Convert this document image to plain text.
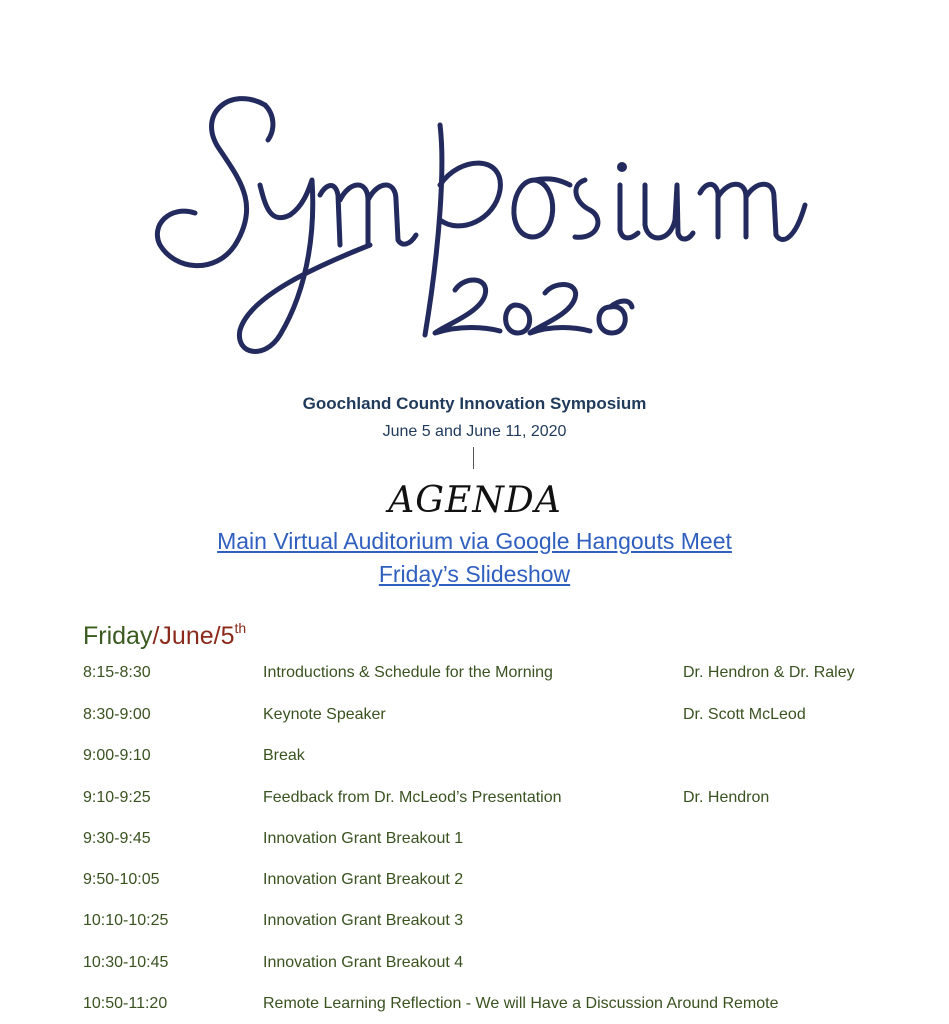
Goochland County Innovation Symposium
June 5 and June 11, 2020
AGENDA
Main Virtual Auditorium via Google Hangouts Meet
Friday’s Slideshow
Friday/June/5th
8:15-8:30	Introductions & Schedule for the Morning	Dr. Hendron & Dr. Raley
8:30-9:00	Keynote Speaker	Dr. Scott McLeod
9:00-9:10	Break
9:10-9:25	Feedback from Dr. McLeod’s Presentation	Dr. Hendron
9:30-9:45	Innovation Grant Breakout 1
9:50-10:05	Innovation Grant Breakout 2
10:10-10:25	Innovation Grant Breakout 3
10:30-10:45	Innovation Grant Breakout 4
10:50-11:20	Remote Learning Reflection - We will Have a Discussion Around Remote
